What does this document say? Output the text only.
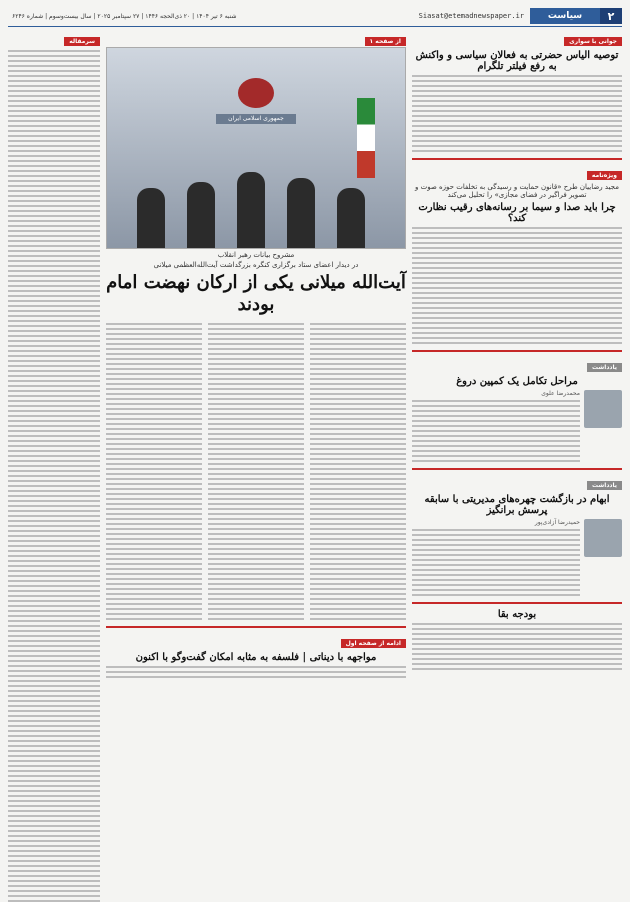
۲
سیاست
Siasat@etemadnewspaper.ir
شنبه ۶ تیر ۱۴۰۴ | ۲۰ ذی‌الحجه ۱۴۴۶ | ۲۷ سپتامبر ۲۰۲۵ | سال بیست‌وسوم | شماره ۶۲۴۶
جوانی با سواری
توصیه الیاس حضرتی به فعالان سیاسی و واکنش به رفع فیلتر تلگرام
ویژه‌نامه
مجید رضاییان طرح «قانون حمایت و رسیدگی به تخلفات حوزه صوت و تصویر فراگیر در فضای مجازی» را تحلیل می‌کند
چرا باید صدا و سیما بر رسانه‌های رقیب نظارت کند؟
یادداشت
مراحل تکامل یک کمپین دروغ
محمدرضا علوی
یادداشت
ابهام در بازگشت چهره‌های مدیریتی با سابقه پرسش برانگیز
حمیدرضا آزادی‌پور
بودجه بقا
از صفحه ۱
جمهوری اسلامی ایران
مشروح بیانات رهبر انقلاب
در دیدار اعضای ستاد برگزاری کنگره بزرگداشت آیت‌الله‌العظمی میلانی
آیت‌الله میلانی یکی از ارکان نهضت امام بودند
ادامه از صفحه اول
مواجهه با دیناتی | فلسفه به مثابه امکان گفت‌وگو با اکنون
سرمقاله
